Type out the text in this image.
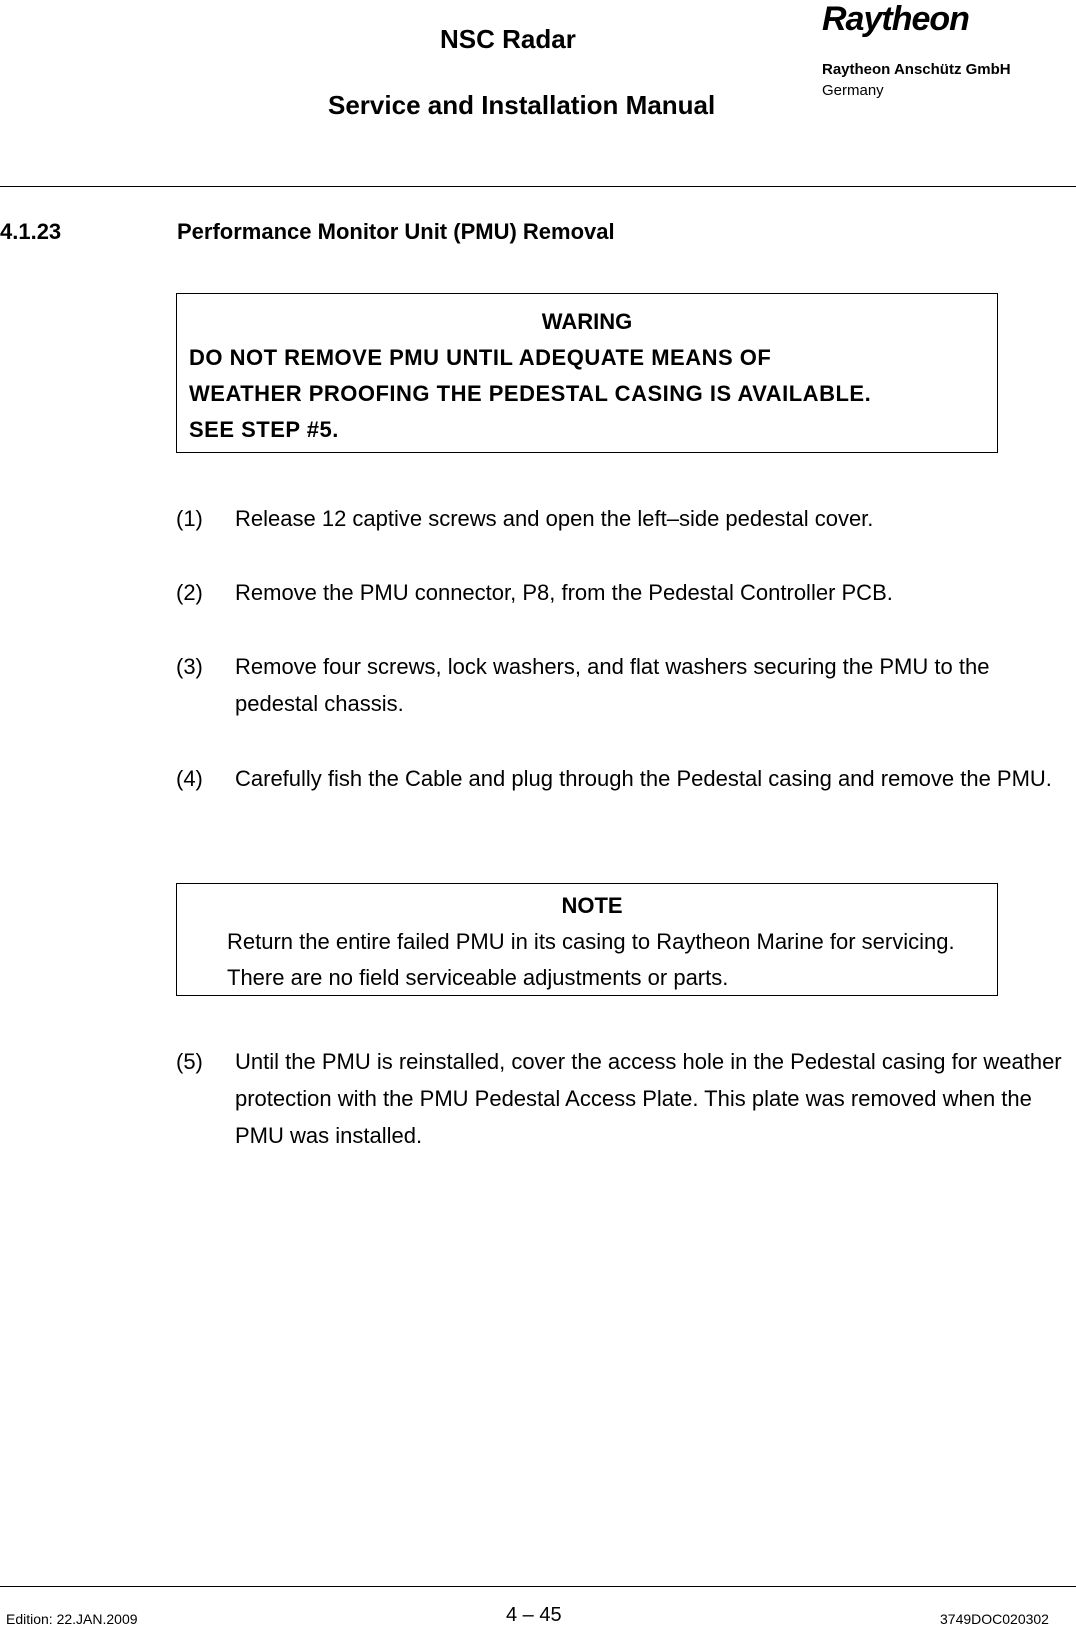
NSC Radar
Service and Installation Manual
Raytheon
Raytheon Anschütz GmbH
Germany
4.1.23	Performance Monitor Unit (PMU) Removal
WARING
DO NOT REMOVE PMU UNTIL ADEQUATE MEANS OF
WEATHER PROOFING THE PEDESTAL CASING IS AVAILABLE.
SEE STEP #5.
(1) Release 12 captive screws and open the left–side pedestal cover.
(2) Remove the PMU connector, P8, from the Pedestal Controller PCB.
(3) Remove four screws, lock washers, and flat washers securing the PMU to the pedestal chassis.
(4) Carefully fish the Cable and plug through the Pedestal casing and remove the PMU.
NOTE
Return the entire failed PMU in its casing to Raytheon Marine for servicing. There are no field serviceable adjustments or parts.
(5) Until the PMU is reinstalled, cover the access hole in the Pedestal casing for weather protection with the PMU Pedestal Access Plate. This plate was removed when the PMU was installed.
Edition: 22.JAN.2009	4 – 45	3749DOC020302
